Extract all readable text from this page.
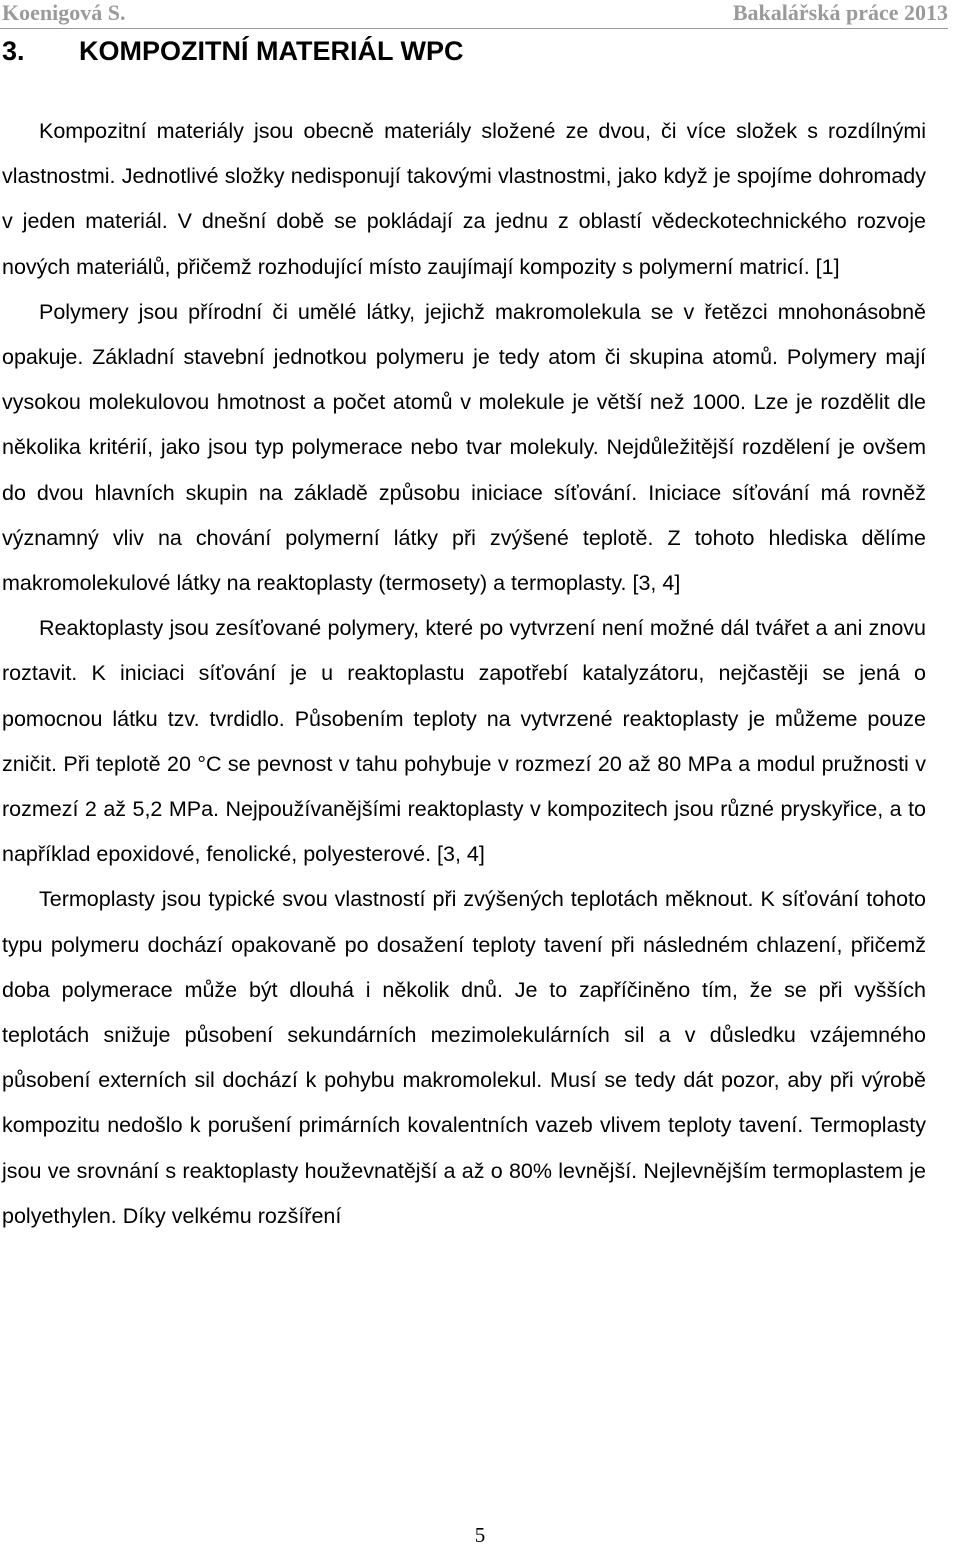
Koenigová S.	Bakalářská práce 2013
3. KOMPOZITNÍ MATERIÁL WPC

Kompozitní materiály jsou obecně materiály složené ze dvou, či více složek s rozdílnými vlastnostmi. Jednotlivé složky nedisponují takovými vlastnostmi, jako když je spojíme dohromady v jeden materiál. V dnešní době se pokládají za jednu z oblastí vědeckotechnického rozvoje nových materiálů, přičemž rozhodující místo zaujímají kompozity s polymerní matricí. [1]

Polymery jsou přírodní či umělé látky, jejichž makromolekula se v řetězci mnohonásobně opakuje. Základní stavební jednotkou polymeru je tedy atom či skupina atomů. Polymery mají vysokou molekulovou hmotnost a počet atomů v molekule je větší než 1000. Lze je rozdělit dle několika kritérií, jako jsou typ polymerace nebo tvar molekuly. Nejdůležitější rozdělení je ovšem do dvou hlavních skupin na základě způsobu iniciace síťování. Iniciace síťování má rovněž významný vliv na chování polymerní látky při zvýšené teplotě. Z tohoto hlediska dělíme makromolekulové látky na reaktoplasty (termosety) a termoplasty. [3, 4]

Reaktoplasty jsou zesíťované polymery, které po vytvrzení není možné dál tvářet a ani znovu roztavit. K iniciaci síťování je u reaktoplastu zapotřebí katalyzátoru, nejčastěji se jená o pomocnou látku tzv. tvrdidlo. Působením teploty na vytvrzené reaktoplasty je můžeme pouze zničit. Při teplotě 20 °C se pevnost v tahu pohybuje v rozmezí 20 až 80 MPa a modul pružnosti v rozmezí 2 až 5,2 MPa. Nejpoužívanějšími reaktoplasty v kompozitech jsou různé pryskyřice, a to například epoxidové, fenolické, polyesterové. [3, 4]

Termoplasty jsou typické svou vlastností při zvýšených teplotách měknout. K síťování tohoto typu polymeru dochází opakovaně po dosažení teploty tavení při následném chlazení, přičemž doba polymerace může být dlouhá i několik dnů. Je to zapříčiněno tím, že se při vyšších teplotách snižuje působení sekundárních mezimolekulárních sil a v důsledku vzájemného působení externích sil dochází k pohybu makromolekul. Musí se tedy dát pozor, aby při výrobě kompozitu nedošlo k porušení primárních kovalentních vazeb vlivem teploty tavení. Termoplasty jsou ve srovnání s reaktoplasty houževnatější a až o 80% levnější. Nejlevnějším termoplastem je polyethylen. Díky velkému rozšíření

5
